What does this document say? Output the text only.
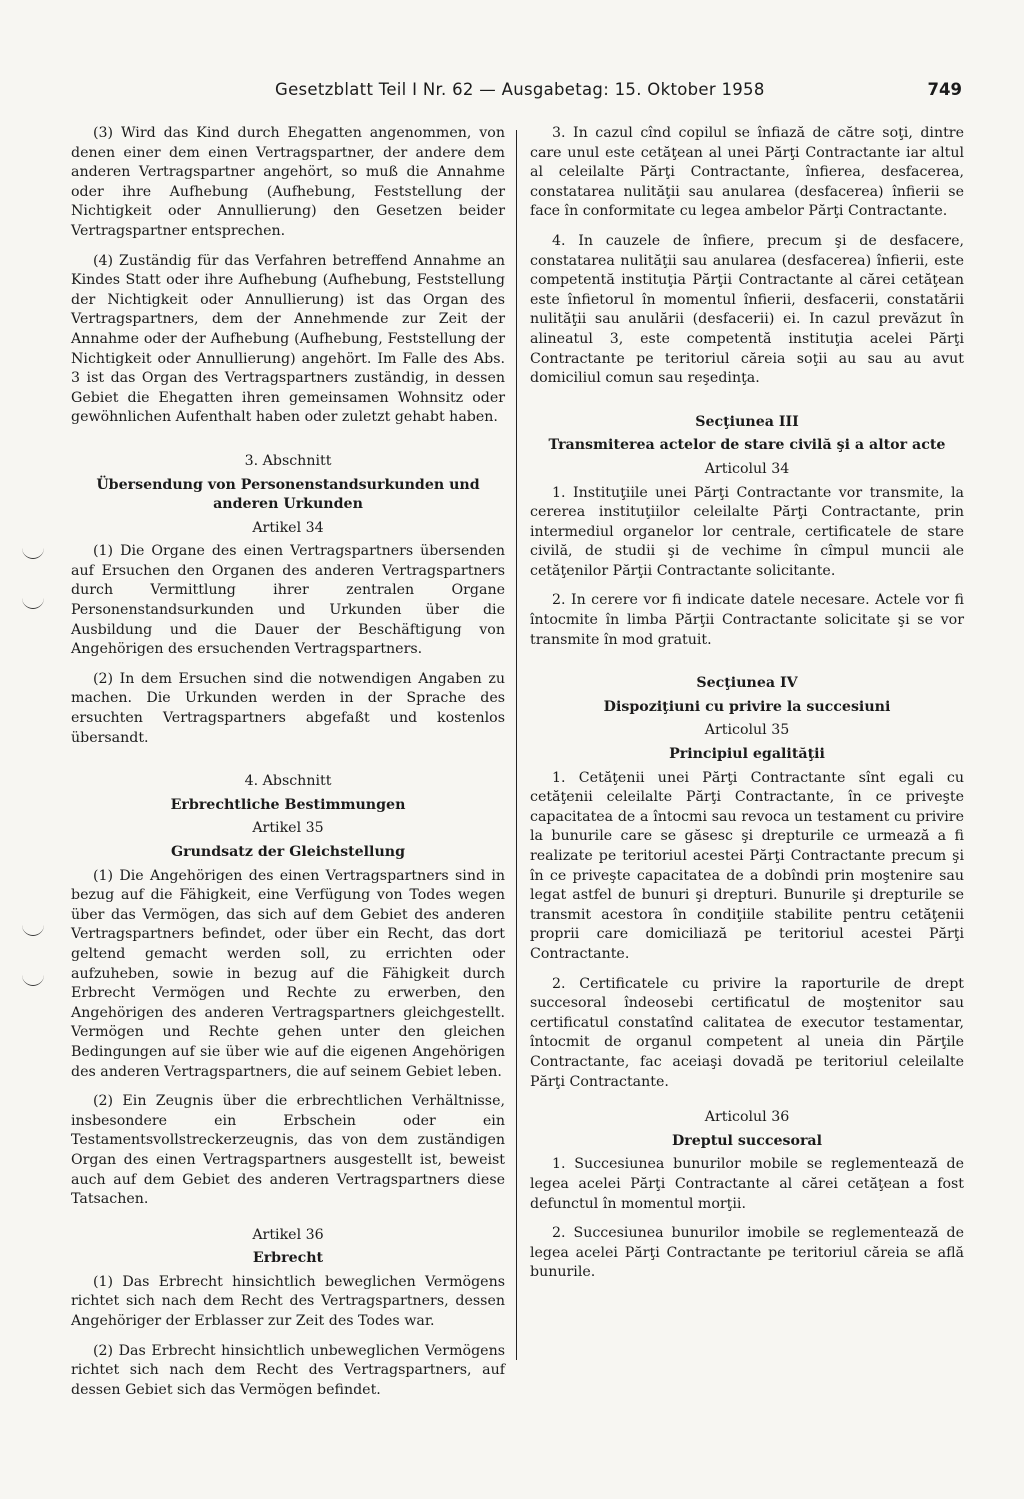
Gesetzblatt Teil I Nr. 62 — Ausgabetag: 15. Oktober 1958	749

(3) Wird das Kind durch Ehegatten angenommen, von denen einer dem einen Vertragspartner, der andere dem anderen Vertragspartner angehört, so muß die Annahme oder ihre Aufhebung (Aufhebung, Feststellung der Nichtigkeit oder Annullierung) den Gesetzen beider Vertragspartner entsprechen.

(4) Zuständig für das Verfahren betreffend Annahme an Kindes Statt oder ihre Aufhebung (Aufhebung, Feststellung der Nichtigkeit oder Annullierung) ist das Organ des Vertragspartners, dem der Annehmende zur Zeit der Annahme oder der Aufhebung (Aufhebung, Feststellung der Nichtigkeit oder Annullierung) angehört. Im Falle des Abs. 3 ist das Organ des Vertragspartners zuständig, in dessen Gebiet die Ehegatten ihren gemeinsamen Wohnsitz oder gewöhnlichen Aufenthalt haben oder zuletzt gehabt haben.

3. Abschnitt
Übersendung von Personenstandsurkunden und anderen Urkunden
Artikel 34

(1) Die Organe des einen Vertragspartners übersenden auf Ersuchen den Organen des anderen Vertragspartners durch Vermittlung ihrer zentralen Organe Personenstandsurkunden und Urkunden über die Ausbildung und die Dauer der Beschäftigung von Angehörigen des ersuchenden Vertragspartners.

(2) In dem Ersuchen sind die notwendigen Angaben zu machen. Die Urkunden werden in der Sprache des ersuchten Vertragspartners abgefaßt und kostenlos übersandt.

4. Abschnitt
Erbrechtliche Bestimmungen
Artikel 35
Grundsatz der Gleichstellung

(1) Die Angehörigen des einen Vertragspartners sind in bezug auf die Fähigkeit, eine Verfügung von Todes wegen über das Vermögen, das sich auf dem Gebiet des anderen Vertragspartners befindet, oder über ein Recht, das dort geltend gemacht werden soll, zu errichten oder aufzuheben, sowie in bezug auf die Fähigkeit durch Erbrecht Vermögen und Rechte zu erwerben, den Angehörigen des anderen Vertragspartners gleichgestellt. Vermögen und Rechte gehen unter den gleichen Bedingungen auf sie über wie auf die eigenen Angehörigen des anderen Vertragspartners, die auf seinem Gebiet leben.

(2) Ein Zeugnis über die erbrechtlichen Verhältnisse, insbesondere ein Erbschein oder ein Testamentsvollstreckerzeugnis, das von dem zuständigen Organ des einen Vertragspartners ausgestellt ist, beweist auch auf dem Gebiet des anderen Vertragspartners diese Tatsachen.

Artikel 36
Erbrecht

(1) Das Erbrecht hinsichtlich beweglichen Vermögens richtet sich nach dem Recht des Vertragspartners, dessen Angehöriger der Erblasser zur Zeit des Todes war.

(2) Das Erbrecht hinsichtlich unbeweglichen Vermögens richtet sich nach dem Recht des Vertragspartners, auf dessen Gebiet sich das Vermögen befindet.

3. In cazul cînd copilul se înfiază de către soţi, dintre care unul este cetăţean al unei Părţi Contractante iar altul al celeilalte Părţi Contractante, înfierea, desfacerea, constatarea nulităţii sau anularea (desfacerea) înfierii se face în conformitate cu legea ambelor Părţi Contractante.

4. In cauzele de înfiere, precum şi de desfacere, constatarea nulităţii sau anularea (desfacerea) înfierii, este competentă instituţia Părţii Contractante al cărei cetăţean este înfietorul în momentul înfierii, desfacerii, constatării nulităţii sau anulării (desfacerii) ei. In cazul prevăzut în alineatul 3, este competentă instituţia acelei Părţi Contractante pe teritoriul căreia soţii au sau au avut domiciliul comun sau reşedinţa.

Secţiunea III
Transmiterea actelor de stare civilă şi a altor acte
Articolul 34

1. Instituţiile unei Părţi Contractante vor transmite, la cererea instituţiilor celeilalte Părţi Contractante, prin intermediul organelor lor centrale, certificatele de stare civilă, de studii şi de vechime în cîmpul muncii ale cetăţenilor Părţii Contractante solicitante.

2. In cerere vor fi indicate datele necesare. Actele vor fi întocmite în limba Părţii Contractante solicitate şi se vor transmite în mod gratuit.

Secţiunea IV
Dispoziţiuni cu privire la succesiuni
Articolul 35
Principiul egalităţii

1. Cetăţenii unei Părţi Contractante sînt egali cu cetăţenii celeilalte Părţi Contractante, în ce priveşte capacitatea de a întocmi sau revoca un testament cu privire la bunurile care se găsesc şi drepturile ce urmează a fi realizate pe teritoriul acestei Părţi Contractante precum şi în ce priveşte capacitatea de a dobîndi prin moştenire sau legat astfel de bunuri şi drepturi. Bunurile şi drepturile se transmit acestora în condiţiile stabilite pentru cetăţenii proprii care domiciliază pe teritoriul acestei Părţi Contractante.

2. Certificatele cu privire la raporturile de drept succesoral îndeosebi certificatul de moştenitor sau certificatul constatînd calitatea de executor testamentar, întocmit de organul competent al uneia din Părţile Contractante, fac aceiaşi dovadă pe teritoriul celeilalte Părţi Contractante.

Articolul 36
Dreptul succesoral

1. Succesiunea bunurilor mobile se reglementează de legea acelei Părţi Contractante al cărei cetăţean a fost defunctul în momentul morţii.

2. Succesiunea bunurilor imobile se reglementează de legea acelei Părţi Contractante pe teritoriul căreia se află bunurile.
